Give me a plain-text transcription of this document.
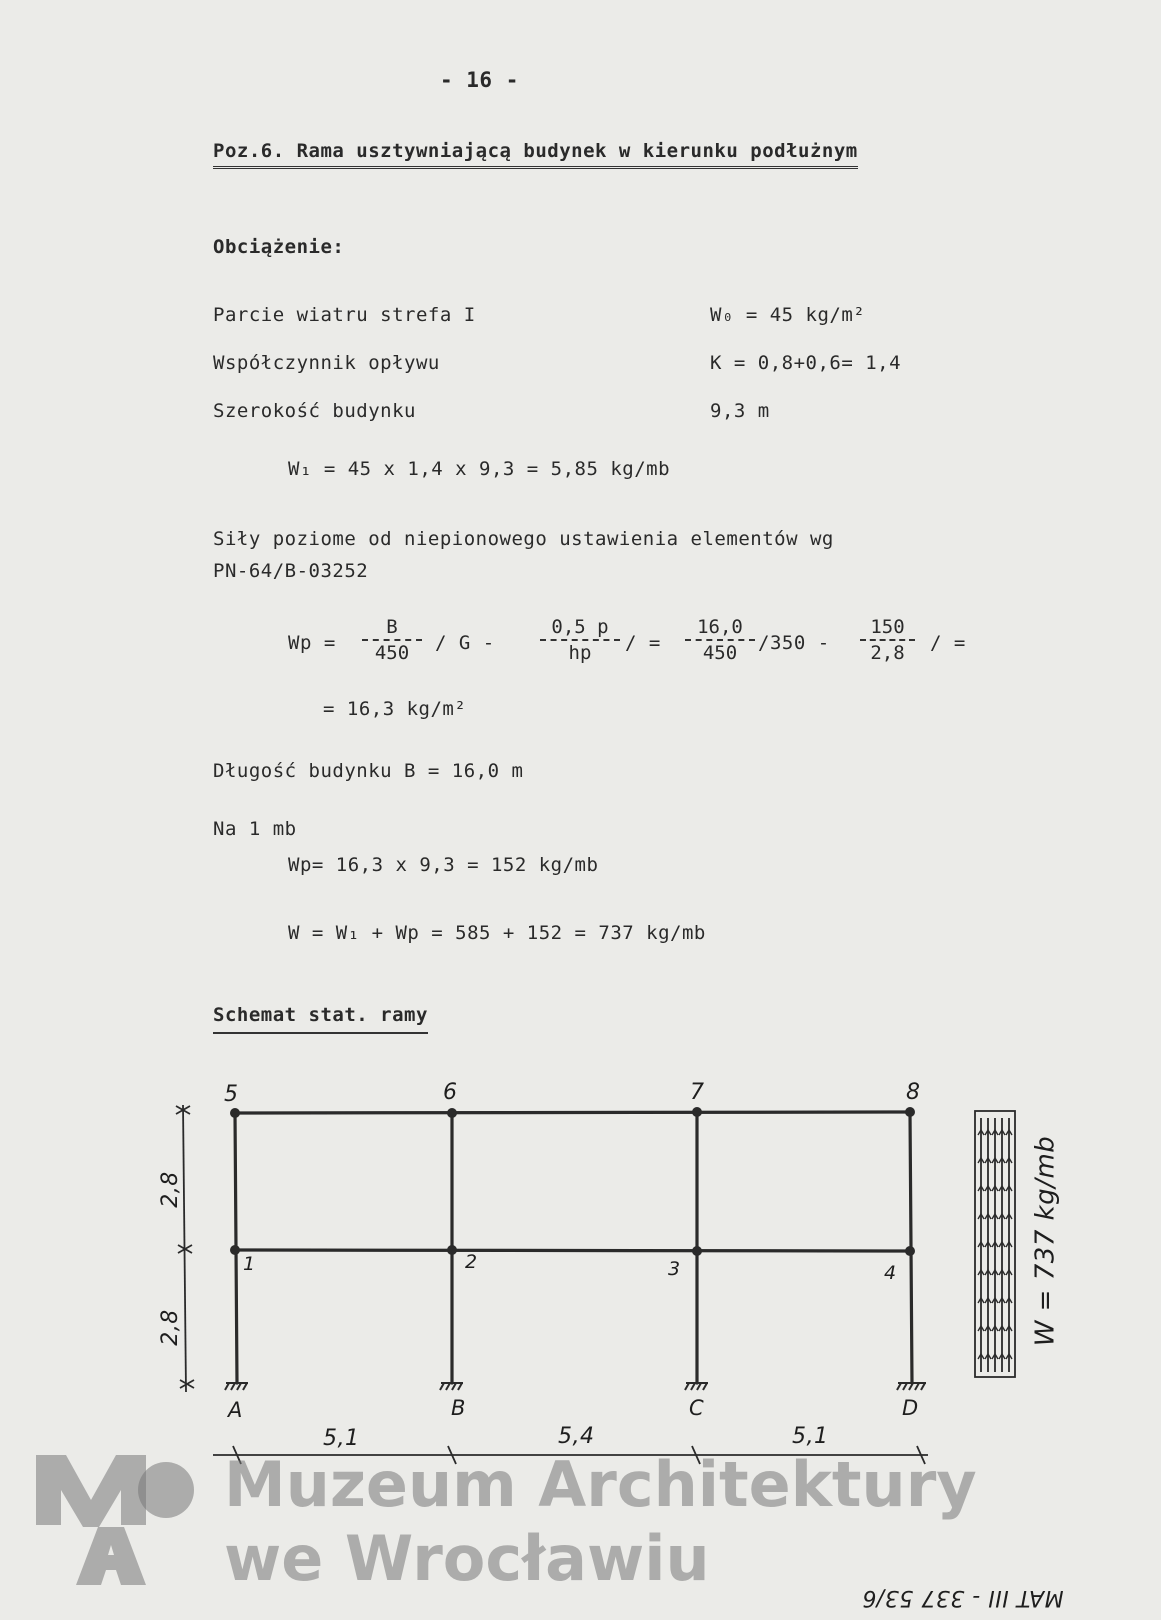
- 16 -
Poz.6. Rama usztywniającą budynek w kierunku podłużnym
Obciążenie:
Parcie wiatru strefa I	W₀ = 45 kg/m²
Współczynnik opływu	K = 0,8+0,6= 1,4
Szerokość budynku	9,3 m
W₁ = 45 x 1,4 x 9,3 = 5,85 kg/mb
Siły poziome od niepionowego ustawienia elementów wg
PN-64/B-03252
$Wp = \frac{B}{450} / G - \frac{0,5 p}{hp}$ / = $\frac{16,0}{450} /350 - \frac{150}{2,8}$ / =
= 16,3 kg/m²
Długość budynku B = 16,0 m
Na 1 mb
Wp= 16,3 x 9,3 = 152 kg/mb
W = W₁ + Wp = 585 + 152 = 737 kg/mb
Schemat stat. ramy
5	6	7	8
1	2	3	4
A	B	C	D
5,1	5,4	5,1
2,8
2,8	W = 737 kg/mb
Muzeum Architektury
we Wrocławiu
MAT III - 337 53/6
